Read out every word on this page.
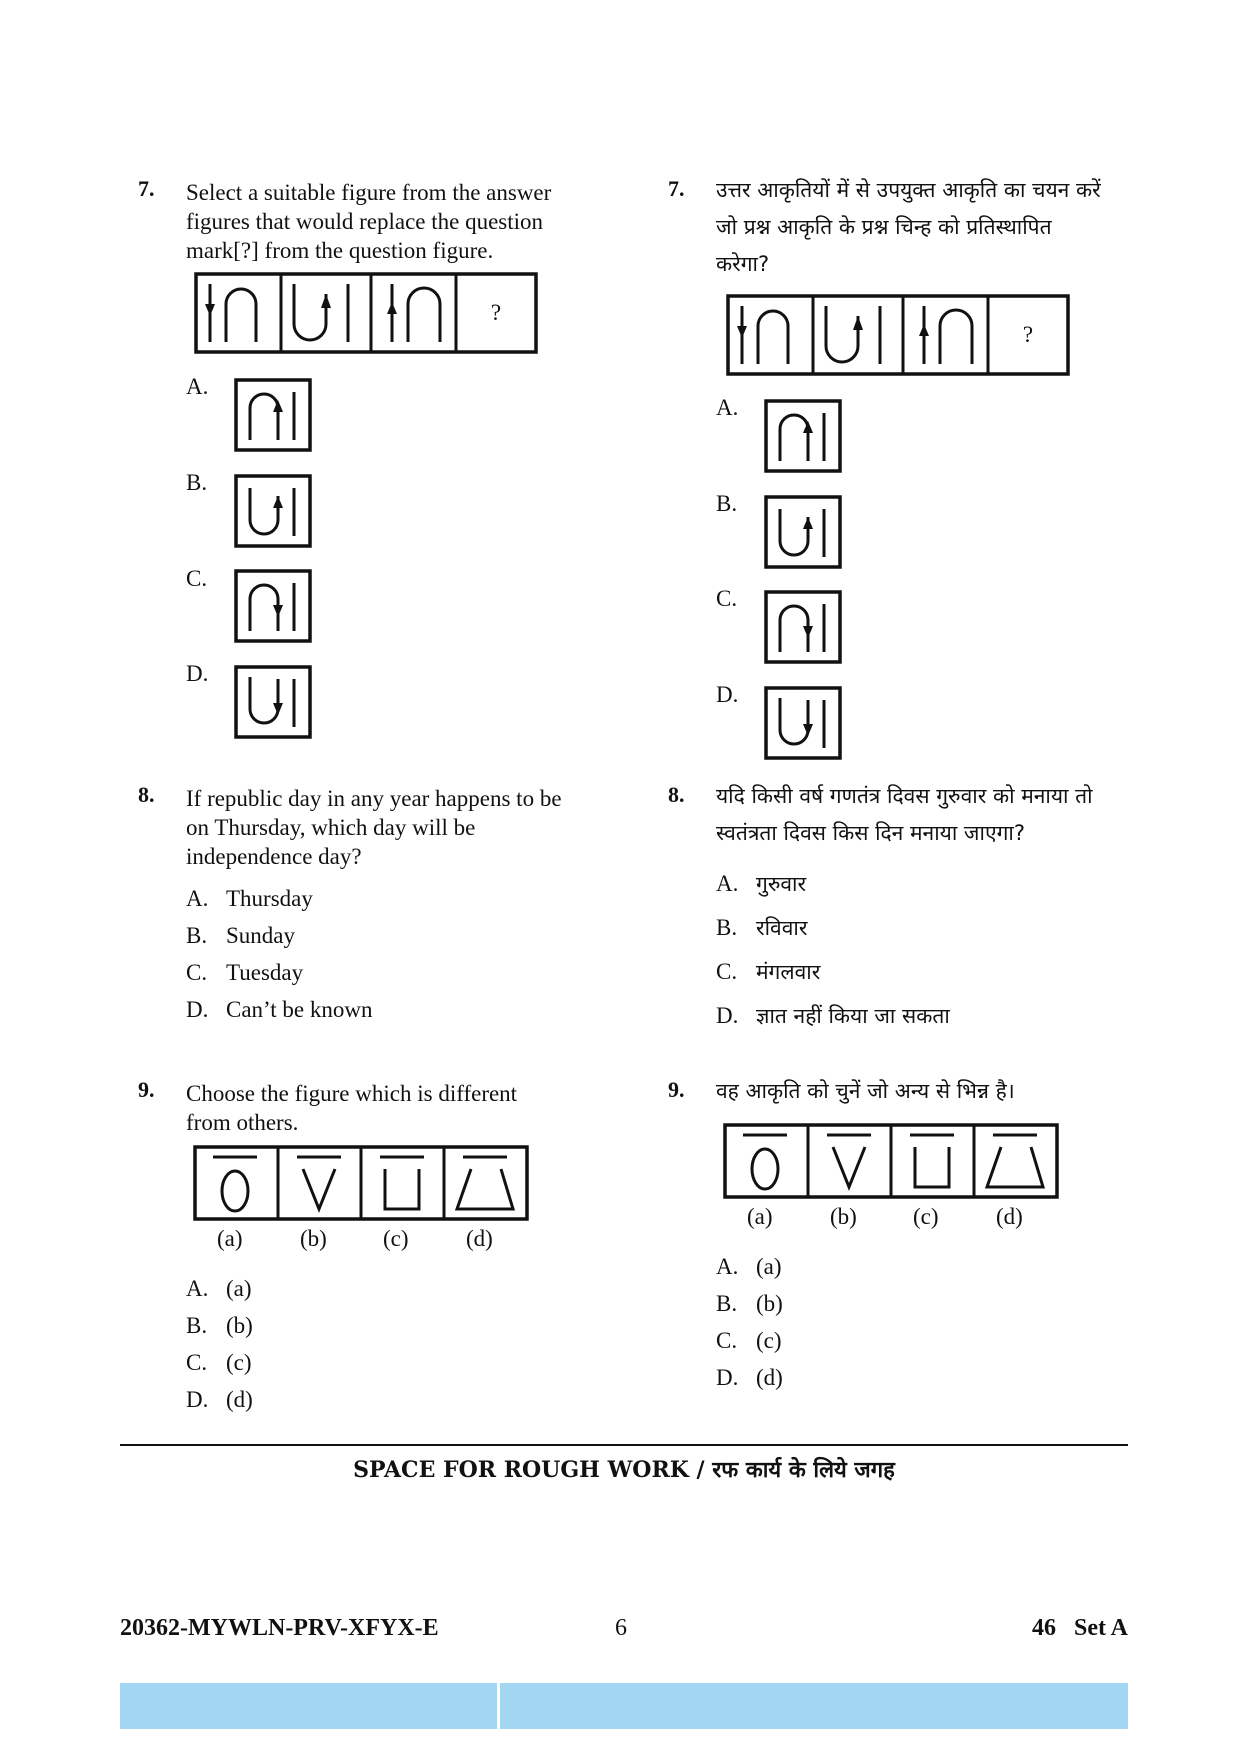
7. Select a suitable figure from the answer
figures that would replace the question
mark[?] from the question figure.
?
A.
B.
C.
D.
8. If republic day in any year happens to be
on Thursday, which day will be
independence day?
A. Thursday
B. Sunday
C. Tuesday
D. Can’t be known
9. Choose the figure which is different
from others.
(a) (b) (c) (d)
A. (a)
B. (b)
C. (c)
D. (d)
7. उत्तर आकृतियों में से उपयुक्त आकृति का चयन करें
जो प्रश्न आकृति के प्रश्न चिन्ह को प्रतिस्थापित
करेगा?
?
A.
B.
C.
D.
8. यदि किसी वर्ष गणतंत्र दिवस गुरुवार को मनाया तो
स्वतंत्रता दिवस किस दिन मनाया जाएगा?
A. गुरुवार
B. रविवार
C. मंगलवार
D. ज्ञात नहीं किया जा सकता
9. वह आकृति को चुनें जो अन्य से भिन्न है।
(a) (b) (c) (d)
A. (a)
B. (b)
C. (c)
D. (d)
SPACE FOR ROUGH WORK / रफ कार्य के लिये जगह
20362-MYWLN-PRV-XFYX-E	6	46   Set A
